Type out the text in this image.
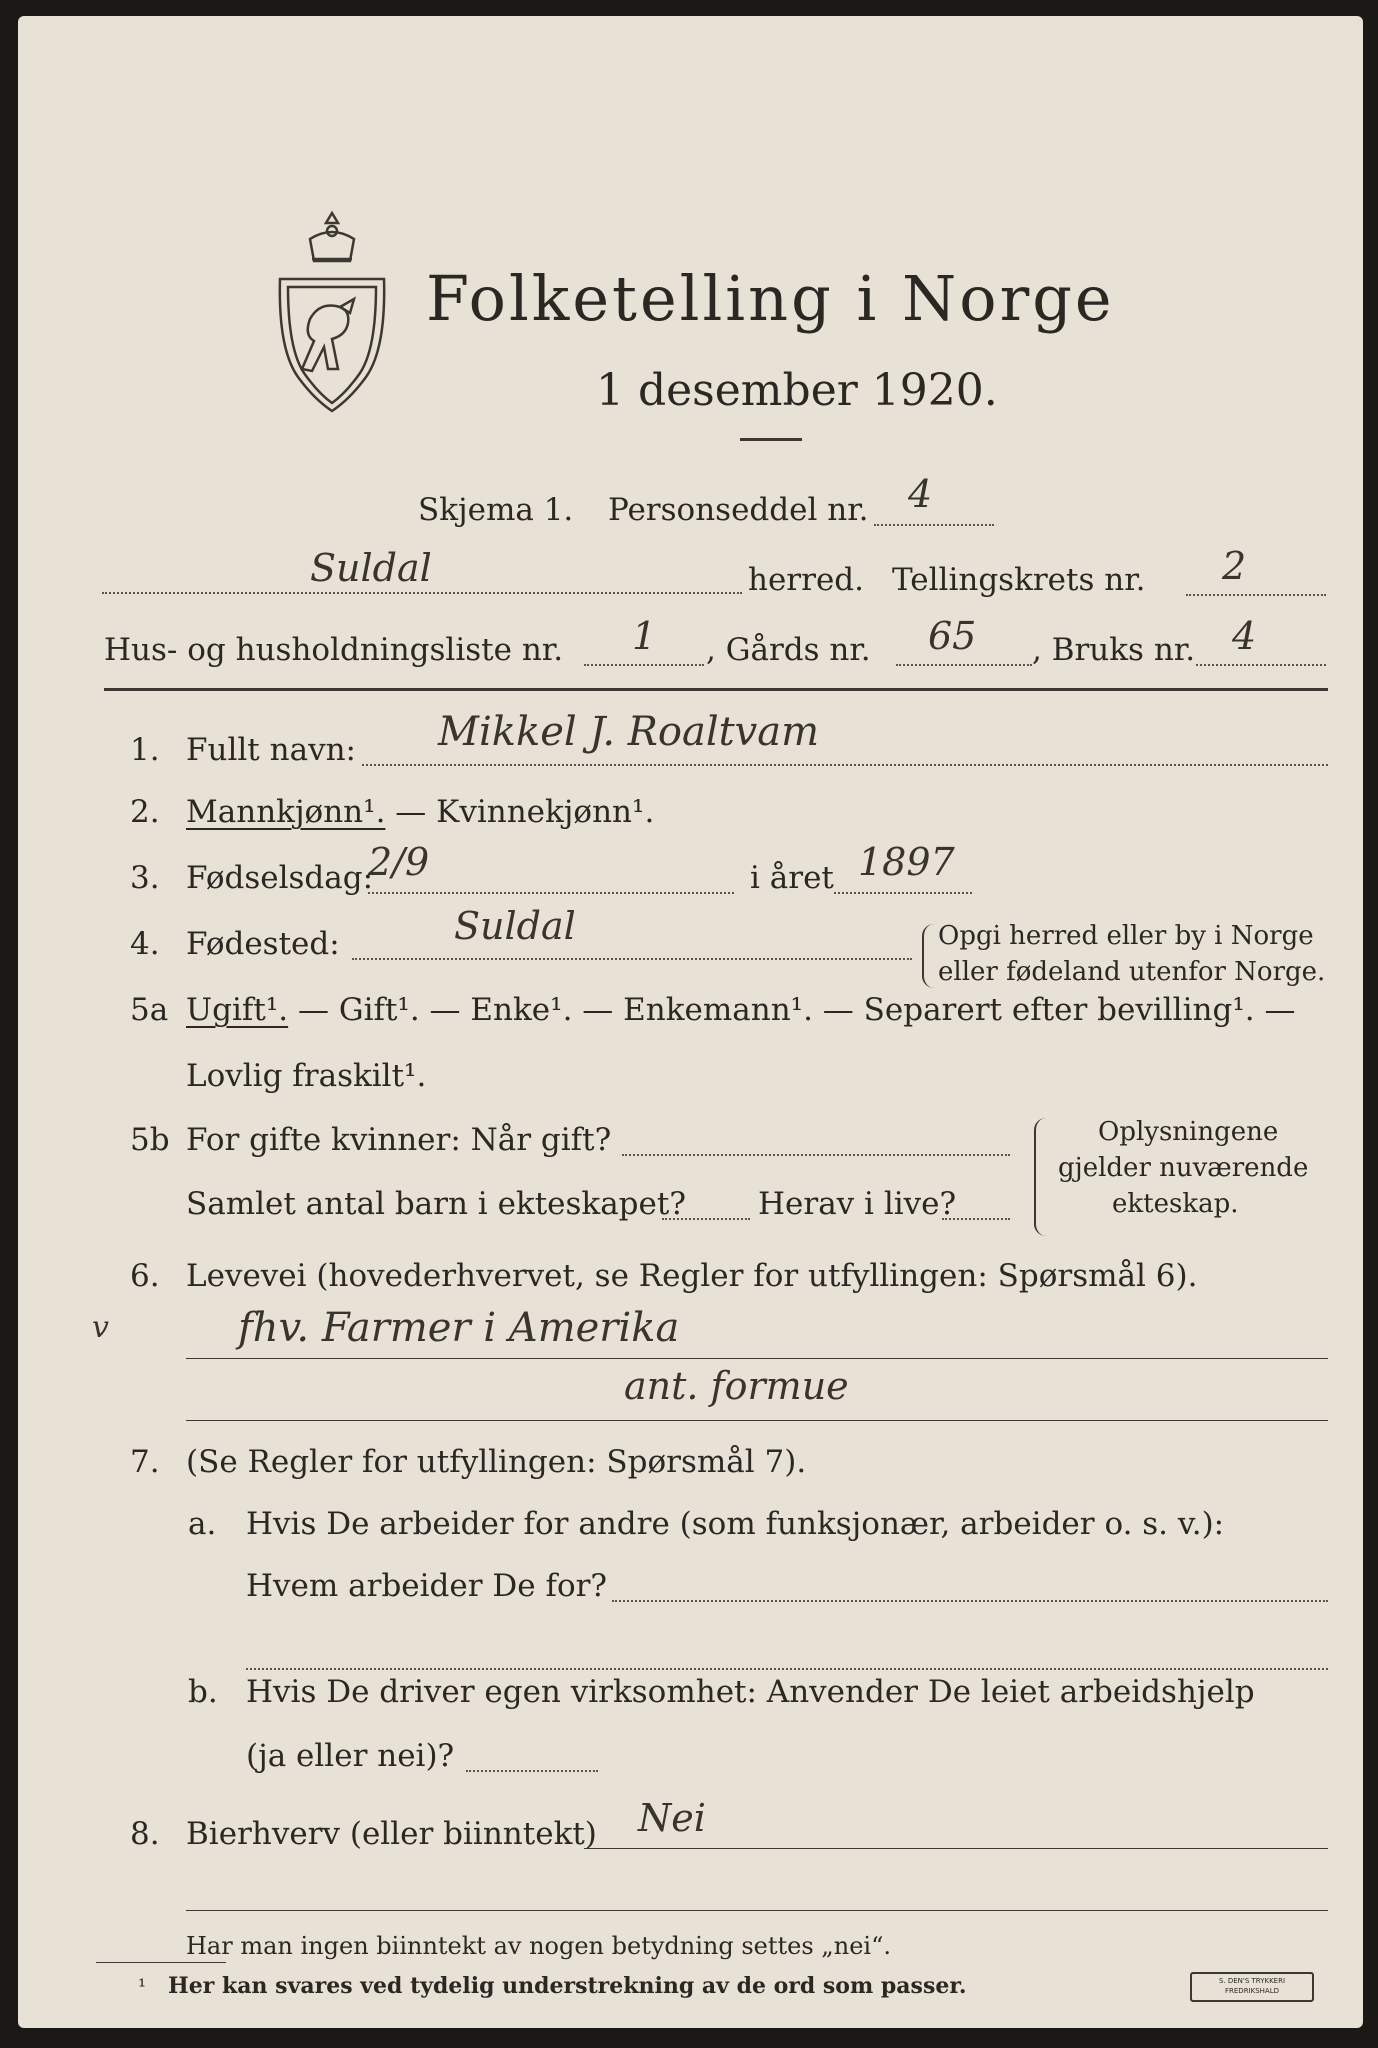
Folketelling i Norge
1 desember 1920.
Skjema 1. Personseddel nr. 4
Suldal	herred. Tellingskrets nr. 2
Hus- og husholdningsliste nr. 1 , Gårds nr. 65 , Bruks nr. 4
1. Fullt navn: Mikkel J. Roaltvam
2. Mannkjønn¹. — Kvinnekjønn¹.
3. Fødselsdag:
2/9	i året 1897
4. Fødested:	Suldal	Opgi herred eller by i Norge
eller fødeland utenfor Norge.
5a Ugift¹. — Gift¹. — Enke¹. — Enkemann¹. — Separert efter bevilling¹. —
Lovlig fraskilt¹.
5b For gifte kvinner: Når gift?
Samlet antal barn i ekteskapet? Herav i live?
Oplysningene
gjelder nuværende
ekteskap.
6. Levevei (hovederhvervet, se Regler for utfyllingen: Spørsmål 6).
v	fhv. Farmer i Amerika
ant. formue
7. (Se Regler for utfyllingen: Spørsmål 7).
a. Hvis De arbeider for andre (som funksjonær, arbeider o. s. v.):
Hvem arbeider De for?
b. Hvis De driver egen virksomhet: Anvender De leiet arbeidshjelp
(ja eller nei)?
8. Bierhverv (eller biinntekt) Nei
Har man ingen biinntekt av nogen betydning settes „nei“.
¹ Her kan svares ved tydelig understrekning av de ord som passer.	S. DEN'S TRYKKERI
FREDRIKSHALD
